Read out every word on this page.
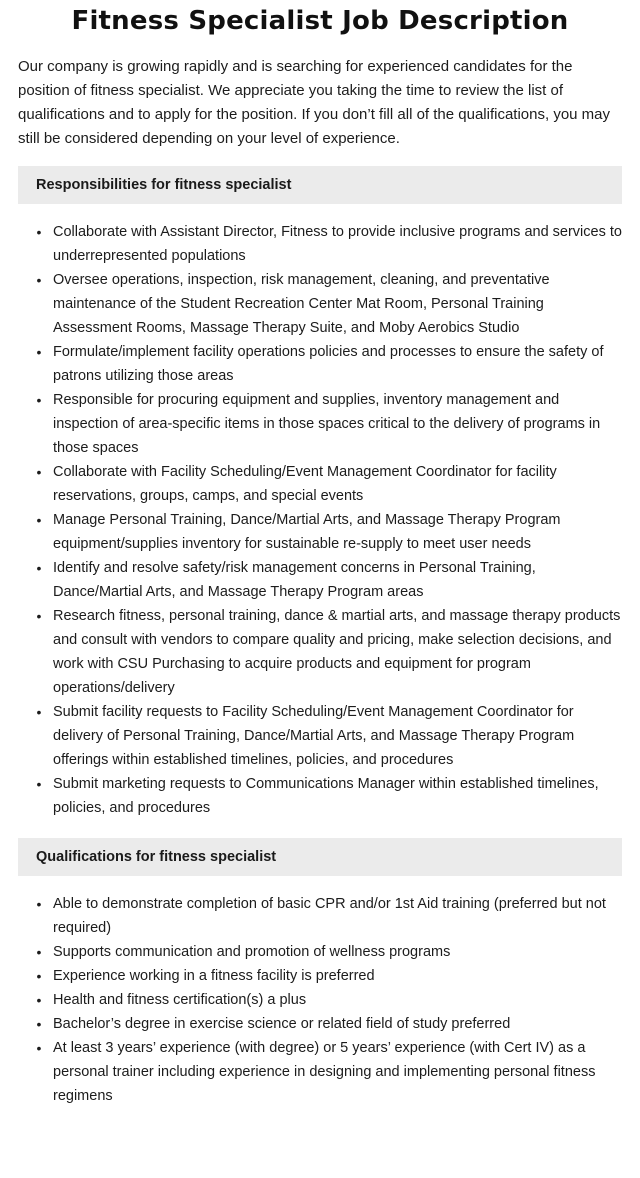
Fitness Specialist Job Description

Our company is growing rapidly and is searching for experienced candidates for the position of fitness specialist. We appreciate you taking the time to review the list of qualifications and to apply for the position. If you don’t fill all of the qualifications, you may still be considered depending on your level of experience.

Responsibilities for fitness specialist
• Collaborate with Assistant Director, Fitness to provide inclusive programs and services to underrepresented populations
• Oversee operations, inspection, risk management, cleaning, and preventative maintenance of the Student Recreation Center Mat Room, Personal Training Assessment Rooms, Massage Therapy Suite, and Moby Aerobics Studio
• Formulate/implement facility operations policies and processes to ensure the safety of patrons utilizing those areas
• Responsible for procuring equipment and supplies, inventory management and inspection of area-specific items in those spaces critical to the delivery of programs in those spaces
• Collaborate with Facility Scheduling/Event Management Coordinator for facility reservations, groups, camps, and special events
• Manage Personal Training, Dance/Martial Arts, and Massage Therapy Program equipment/supplies inventory for sustainable re-supply to meet user needs
• Identify and resolve safety/risk management concerns in Personal Training, Dance/Martial Arts, and Massage Therapy Program areas
• Research fitness, personal training, dance & martial arts, and massage therapy products and consult with vendors to compare quality and pricing, make selection decisions, and work with CSU Purchasing to acquire products and equipment for program operations/delivery
• Submit facility requests to Facility Scheduling/Event Management Coordinator for delivery of Personal Training, Dance/Martial Arts, and Massage Therapy Program offerings within established timelines, policies, and procedures
• Submit marketing requests to Communications Manager within established timelines, policies, and procedures
Qualifications for fitness specialist
• Able to demonstrate completion of basic CPR and/or 1st Aid training (preferred but not required)
• Supports communication and promotion of wellness programs
• Experience working in a fitness facility is preferred
• Health and fitness certification(s) a plus
• Bachelor’s degree in exercise science or related field of study preferred
• At least 3 years’ experience (with degree) or 5 years’ experience (with Cert IV) as a personal trainer including experience in designing and implementing personal fitness regimens
